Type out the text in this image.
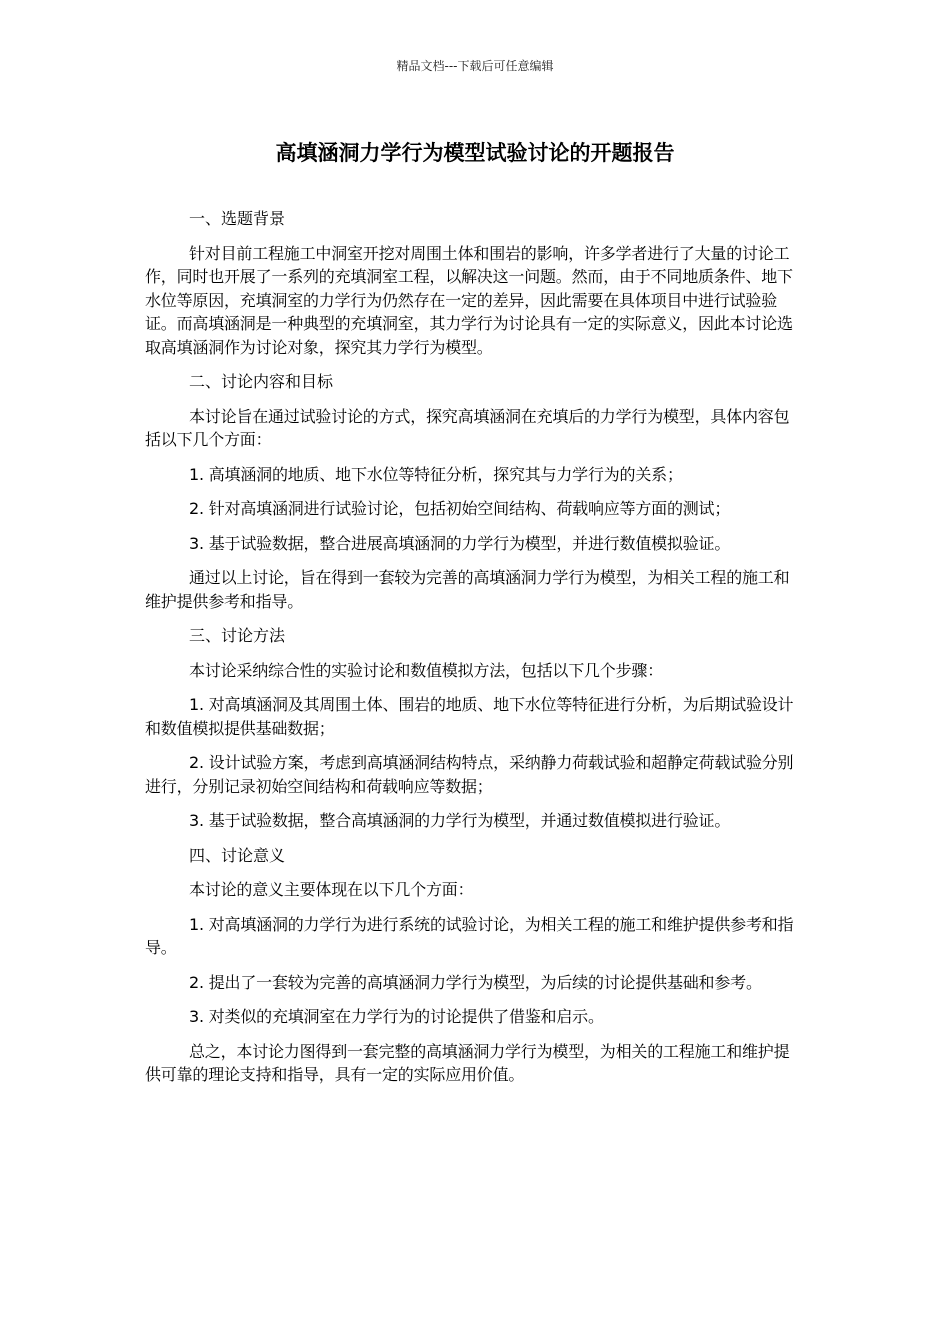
精品文档---下载后可任意编辑
高填涵洞力学行为模型试验讨论的开题报告

一、选题背景

针对目前工程施工中洞室开挖对周围土体和围岩的影响，许多学者进行了大量的讨论工作，同时也开展了一系列的充填洞室工程，以解决这一问题。然而，由于不同地质条件、地下水位等原因，充填洞室的力学行为仍然存在一定的差异，因此需要在具体项目中进行试验验证。而高填涵洞是一种典型的充填洞室，其力学行为讨论具有一定的实际意义，因此本讨论选取高填涵洞作为讨论对象，探究其力学行为模型。

二、讨论内容和目标

本讨论旨在通过试验讨论的方式，探究高填涵洞在充填后的力学行为模型，具体内容包括以下几个方面：

1. 高填涵洞的地质、地下水位等特征分析，探究其与力学行为的关系；

2. 针对高填涵洞进行试验讨论，包括初始空间结构、荷载响应等方面的测试；

3. 基于试验数据，整合进展高填涵洞的力学行为模型，并进行数值模拟验证。

通过以上讨论，旨在得到一套较为完善的高填涵洞力学行为模型，为相关工程的施工和维护提供参考和指导。

三、讨论方法

本讨论采纳综合性的实验讨论和数值模拟方法，包括以下几个步骤：

1. 对高填涵洞及其周围土体、围岩的地质、地下水位等特征进行分析，为后期试验设计和数值模拟提供基础数据；

2. 设计试验方案，考虑到高填涵洞结构特点，采纳静力荷载试验和超静定荷载试验分别进行，分别记录初始空间结构和荷载响应等数据；

3. 基于试验数据，整合高填涵洞的力学行为模型，并通过数值模拟进行验证。

四、讨论意义

本讨论的意义主要体现在以下几个方面：

1. 对高填涵洞的力学行为进行系统的试验讨论，为相关工程的施工和维护提供参考和指导。

2. 提出了一套较为完善的高填涵洞力学行为模型，为后续的讨论提供基础和参考。

3. 对类似的充填洞室在力学行为的讨论提供了借鉴和启示。

总之，本讨论力图得到一套完整的高填涵洞力学行为模型，为相关的工程施工和维护提供可靠的理论支持和指导，具有一定的实际应用价值。
